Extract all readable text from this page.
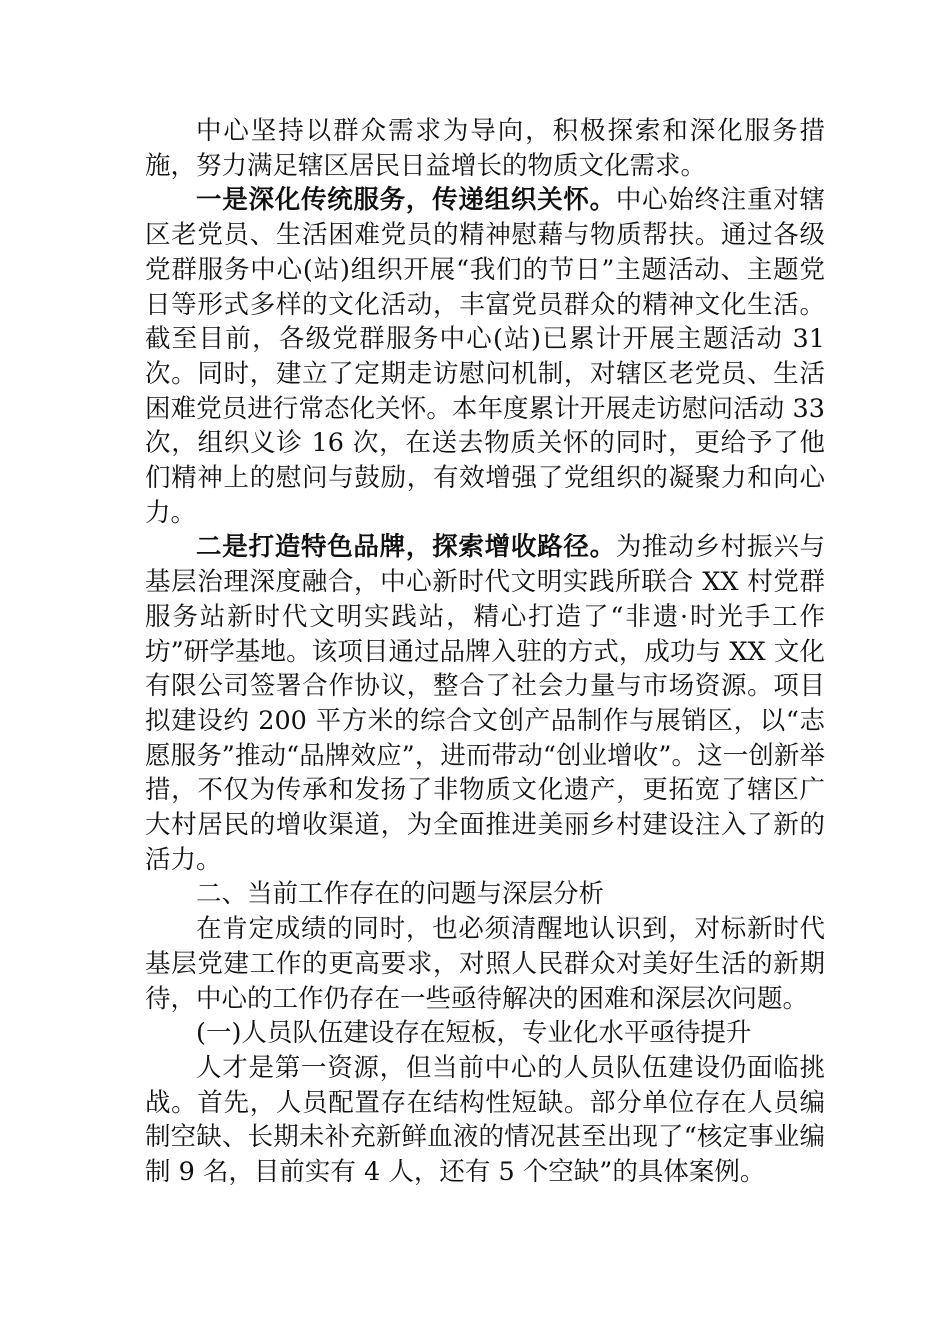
中心坚持以群众需求为导向，积极探索和深化服务措施，努力满足辖区居民日益增长的物质文化需求。

一是深化传统服务，传递组织关怀。中心始终注重对辖区老党员、生活困难党员的精神慰藉与物质帮扶。通过各级党群服务中心(站)组织开展“我们的节日”主题活动、主题党日等形式多样的文化活动，丰富党员群众的精神文化生活。截至目前，各级党群服务中心(站)已累计开展主题活动 31 次。同时，建立了定期走访慰问机制，对辖区老党员、生活困难党员进行常态化关怀。本年度累计开展走访慰问活动 33 次，组织义诊 16 次，在送去物质关怀的同时，更给予了他们精神上的慰问与鼓励，有效增强了党组织的凝聚力和向心力。

二是打造特色品牌，探索增收路径。为推动乡村振兴与基层治理深度融合，中心新时代文明实践所联合 XX 村党群服务站新时代文明实践站，精心打造了“非遗·时光手工作坊”研学基地。该项目通过品牌入驻的方式，成功与 XX 文化有限公司签署合作协议，整合了社会力量与市场资源。项目拟建设约 200 平方米的综合文创产品制作与展销区，以“志愿服务”推动“品牌效应”，进而带动“创业增收”。这一创新举措，不仅为传承和发扬了非物质文化遗产，更拓宽了辖区广大村居民的增收渠道，为全面推进美丽乡村建设注入了新的活力。

二、当前工作存在的问题与深层分析

在肯定成绩的同时，也必须清醒地认识到，对标新时代基层党建工作的更高要求，对照人民群众对美好生活的新期待，中心的工作仍存在一些亟待解决的困难和深层次问题。

(一)人员队伍建设存在短板，专业化水平亟待提升

人才是第一资源，但当前中心的人员队伍建设仍面临挑战。首先，人员配置存在结构性短缺。部分单位存在人员编制空缺、长期未补充新鲜血液的情况甚至出现了“核定事业编制 9 名，目前实有 4 人，还有 5 个空缺”的具体案例。
